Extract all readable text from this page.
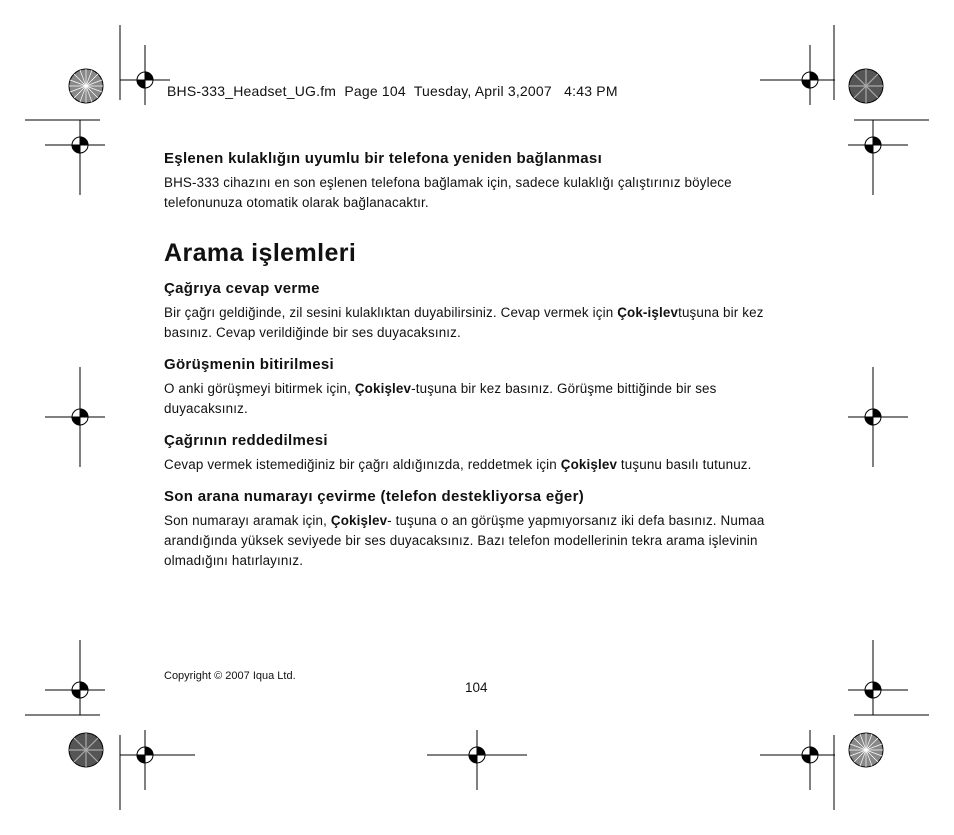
BHS-333_Headset_UG.fm  Page 104  Tuesday, April 3,2007   4:43 PM
Eşlenen kulaklığın uyumlu bir telefona yeniden bağlanması

BHS-333 cihazını en son eşlenen telefona bağlamak için, sadece kulaklığı çalıştırınız böylece telefonunuza otomatik olarak bağlanacaktır.

Arama işlemleri
Çağrıya cevap verme

Bir çağrı geldiğinde, zil sesini kulaklıktan duyabilirsiniz. Cevap vermek için Çok-işlevtuşuna bir kez basınız. Cevap verildiğinde bir ses duyacaksınız.

Görüşmenin bitirilmesi

O anki görüşmeyi bitirmek için, Çokişlev-tuşuna bir kez basınız. Görüşme bittiğinde bir ses duyacaksınız.

Çağrının reddedilmesi

Cevap vermek istemediğiniz bir çağrı aldığınızda, reddetmek için Çokişlev tuşunu basılı tutunuz.

Son arana numarayı çevirme (telefon destekliyorsa eğer)

Son numarayı aramak için, Çokişlev- tuşuna o an görüşme yapmıyorsanız iki defa basınız. Numaa arandığında yüksek seviyede bir ses duyacaksınız. Bazı telefon modellerinin tekra arama işlevinin olmadığını hatırlayınız.

Copyright © 2007 Iqua Ltd.
104
